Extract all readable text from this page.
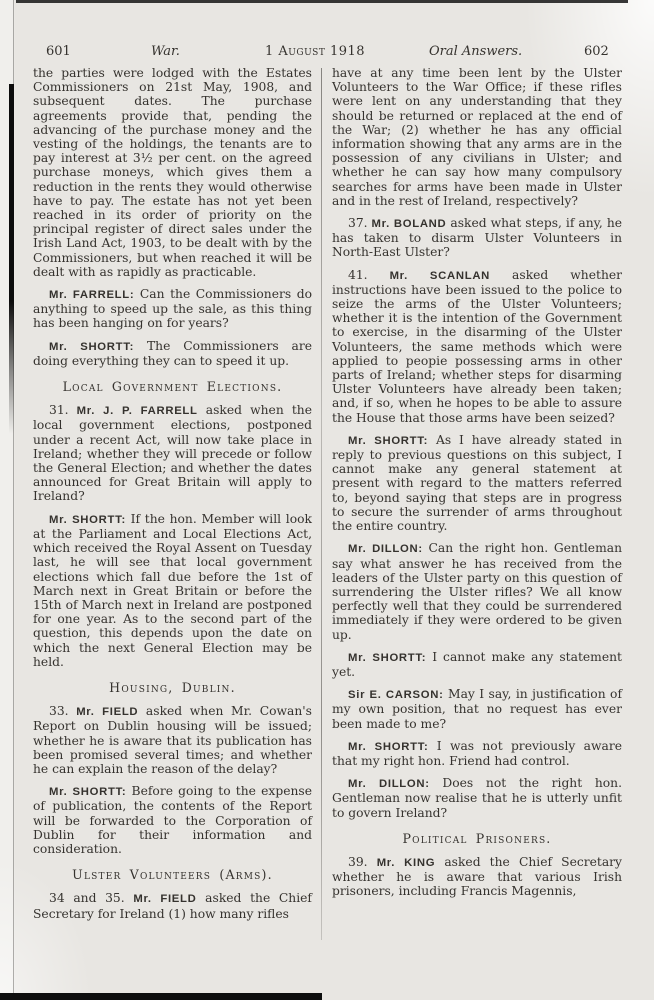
601	War.	1 August 1918	Oral Answers.	602

the parties were lodged with the Estates Commissioners on 21st May, 1908, and subsequent dates. The purchase agreements provide that, pending the advancing of the purchase money and the vesting of the holdings, the tenants are to pay interest at 3½ per cent. on the agreed purchase moneys, which gives them a reduction in the rents they would otherwise have to pay. The estate has not yet been reached in its order of priority on the principal register of direct sales under the Irish Land Act, 1903, to be dealt with by the Commissioners, but when reached it will be dealt with as rapidly as practicable.

Mr. FARRELL: Can the Commissioners do anything to speed up the sale, as this thing has been hanging on for years?

Mr. SHORTT: The Commissioners are doing everything they can to speed it up.

Local Government Elections.

31. Mr. J. P. FARRELL asked when the local government elections, postponed under a recent Act, will now take place in Ireland; whether they will precede or follow the General Election; and whether the dates announced for Great Britain will apply to Ireland?

Mr. SHORTT: If the hon. Member will look at the Parliament and Local Elections Act, which received the Royal Assent on Tuesday last, he will see that local government elections which fall due before the 1st of March next in Great Britain or before the 15th of March next in Ireland are postponed for one year. As to the second part of the question, this depends upon the date on which the next General Election may be held.

Housing, Dublin.

33. Mr. FIELD asked when Mr. Cowan's Report on Dublin housing will be issued; whether he is aware that its publication has been promised several times; and whether he can explain the reason of the delay?

Mr. SHORTT: Before going to the expense of publication, the contents of the Report will be forwarded to the Corporation of Dublin for their information and consideration.

Ulster Volunteers (Arms).

34 and 35. Mr. FIELD asked the Chief Secretary for Ireland (1) how many rifles

have at any time been lent by the Ulster Volunteers to the War Office; if these rifles were lent on any understanding that they should be returned or replaced at the end of the War; (2) whether he has any official information showing that any arms are in the possession of any civilians in Ulster; and whether he can say how many compulsory searches for arms have been made in Ulster and in the rest of Ireland, respectively?

37. Mr. BOLAND asked what steps, if any, he has taken to disarm Ulster Volunteers in North-East Ulster?

41. Mr. SCANLAN asked whether instructions have been issued to the police to seize the arms of the Ulster Volunteers; whether it is the intention of the Government to exercise, in the disarming of the Ulster Volunteers, the same methods which were applied to peopie possessing arms in other parts of Ireland; whether steps for disarming Ulster Volunteers have already been taken; and, if so, when he hopes to be able to assure the House that those arms have been seized?

Mr. SHORTT: As I have already stated in reply to previous questions on this subject, I cannot make any general statement at present with regard to the matters referred to, beyond saying that steps are in progress to secure the surrender of arms throughout the entire country.

Mr. DILLON: Can the right hon. Gentleman say what answer he has received from the leaders of the Ulster party on this question of surrendering the Ulster rifles? We all know perfectly well that they could be surrendered immediately if they were ordered to be given up.

Mr. SHORTT: I cannot make any statement yet.

Sir E. CARSON: May I say, in justification of my own position, that no request has ever been made to me?

Mr. SHORTT: I was not previously aware that my right hon. Friend had control.

Mr. DILLON: Does not the right hon. Gentleman now realise that he is utterly unfit to govern Ireland?

Political Prisoners.

39. Mr. KING asked the Chief Secretary whether he is aware that various Irish prisoners, including Francis Magennis,
